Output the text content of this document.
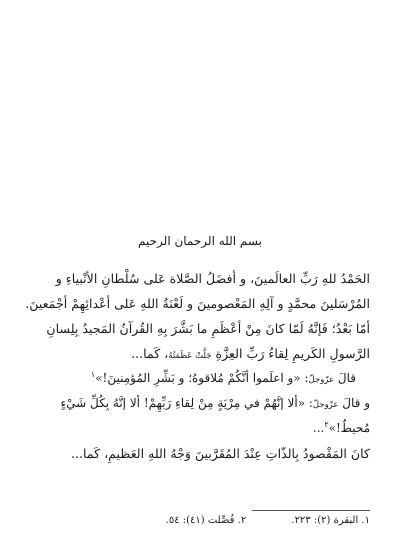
بسم الله الرحمان الرحيم
الحَمْدُ للهِ رَبِّ العالَمينَ، و أفضَلُ الصَّلاة عَلى سُلْطانِ الأنْبياءِ و
المُرْسَلينَ محمَّدٍ و آلِهِ المَعْصومينَ و لَعْنَةُ اللهِ عَلى أعْدائِهِمْ أجْمَعينَ.
أمّا بَعْدُ؛ فَإنَّهُ لَمّا كانَ مِنْ أعْظَمِ ما بَشَّرَ بِهِ القُرآنُ المَجيدُ بِلِسانِ
الرَّسولِ الكَريمِ لِقاءُ رَبِّ العِزَّةِ جَلَّتْ عَظَمَتُهُ، كَما...
قالَ عزّوجلّ: «و اعلَموا أنَّكُمْ مُلاقوهُ؛ و بَشِّرِ المُؤمِنينَ!»$^١$
و قالَ عزّوجلّ: «ألا إنَّهُمْ في مِرْيَةٍ مِنْ لِقاءِ رَبِّهِمْ! ألا إنَّهُ بِكُلِّ شَيْءٍ
مُحيطٌ!»$^٢$...
كانَ المَقْصودُ بِالذّاتِ عِنْدَ المُقَرَّبينَ وَجْهُ اللهِ العَظيمِ، كَما...
١. البقرة (٢): ٢٢٣. ٢. فُصِّلت (٤١): ٥٤.
